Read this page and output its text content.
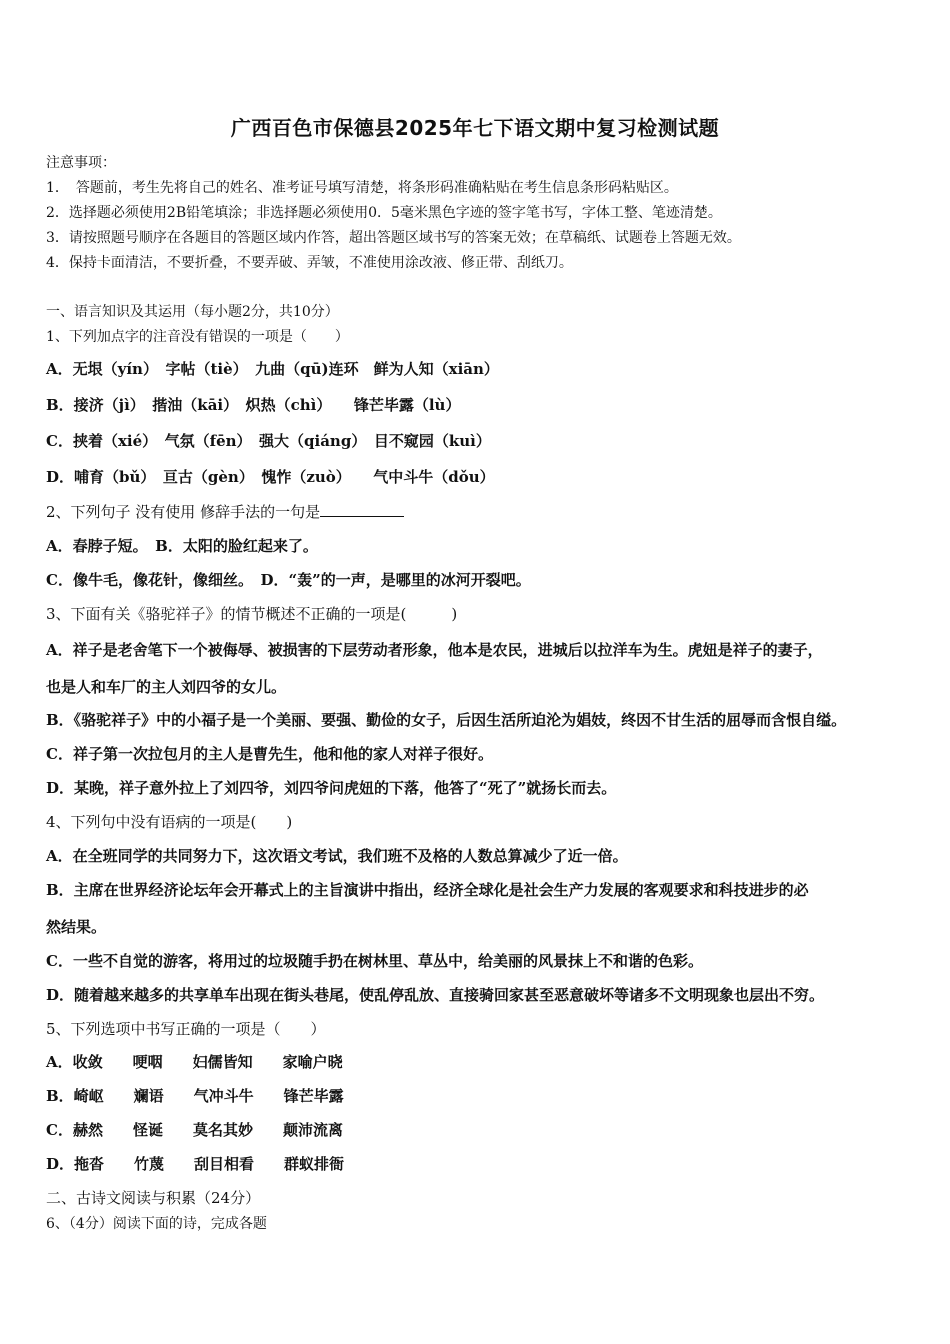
广西百色市保德县2025年七下语文期中复习检测试题
注意事项：
1．　答题前，考生先将自己的姓名、准考证号填写清楚，将条形码准确粘贴在考生信息条形码粘贴区。
2．选择题必须使用2B铅笔填涂；非选择题必须使用0．5毫米黑色字迹的签字笔书写，字体工整、笔迹清楚。
3．请按照题号顺序在各题目的答题区域内作答，超出答题区域书写的答案无效；在草稿纸、试题卷上答题无效。
4．保持卡面清洁，不要折叠，不要弄破、弄皱，不准使用涂改液、修正带、刮纸刀。
一、语言知识及其运用（每小题2分，共10分）
1、下列加点字的注音没有错误的一项是（　　）
A．无垠（yín）　字帖（tiè）　九曲（qū)连环　鲜为人知（xiān）
B．接济（jì）　揩油（kāi）　炽热（chì）　　锋芒毕露（lù）
C．挟着（xié）　气氛（fēn）　强大（qiáng）　目不窥园（kuì）
D．哺育（bǔ）　亘古（gèn）　愧怍（zuò）　　气中斗牛（dǒu）
2、下列句子 没有使用 修辞手法的一句是
A．春脖子短。　B．太阳的脸红起来了。
C．像牛毛，像花针，像细丝。　D．“轰”的一声，是哪里的冰河开裂吧。
3、下面有关《骆驼祥子》的情节概述不正确的一项是(　　　)
A．祥子是老舍笔下一个被侮辱、被损害的下层劳动者形象，他本是农民，进城后以拉洋车为生。虎妞是祥子的妻子，
也是人和车厂的主人刘四爷的女儿。
B．《骆驼祥子》中的小福子是一个美丽、要强、勤俭的女子，后因生活所迫沦为娼妓，终因不甘生活的屈辱而含恨自缢。
C．祥子第一次拉包月的主人是曹先生，他和他的家人对祥子很好。
D．某晚，祥子意外拉上了刘四爷，刘四爷问虎妞的下落，他答了“死了”就扬长而去。
4、下列句中没有语病的一项是(　　)
A．在全班同学的共同努力下，这次语文考试，我们班不及格的人数总算减少了近一倍。
B．主席在世界经济论坛年会开幕式上的主旨演讲中指出，经济全球化是社会生产力发展的客观要求和科技进步的必
然结果。
C．一些不自觉的游客，将用过的垃圾随手扔在树林里、草丛中，给美丽的风景抹上不和谐的色彩。
D．随着越来越多的共享单车出现在街头巷尾，使乱停乱放、直接骑回家甚至恶意破坏等诸多不文明现象也层出不穷。
5、下列选项中书写正确的一项是（　　）
A．收敛　　哽咽　　妇儒皆知　　家喻户晓
B．崎岖　　斓语　　气冲斗牛　　锋芒毕露
C．赫然　　怪诞　　莫名其妙　　颠沛流离
D．拖沓　　竹蔑　　刮目相看　　群蚁排衙
二、古诗文阅读与积累（24分）
6、（4分）阅读下面的诗，完成各题
